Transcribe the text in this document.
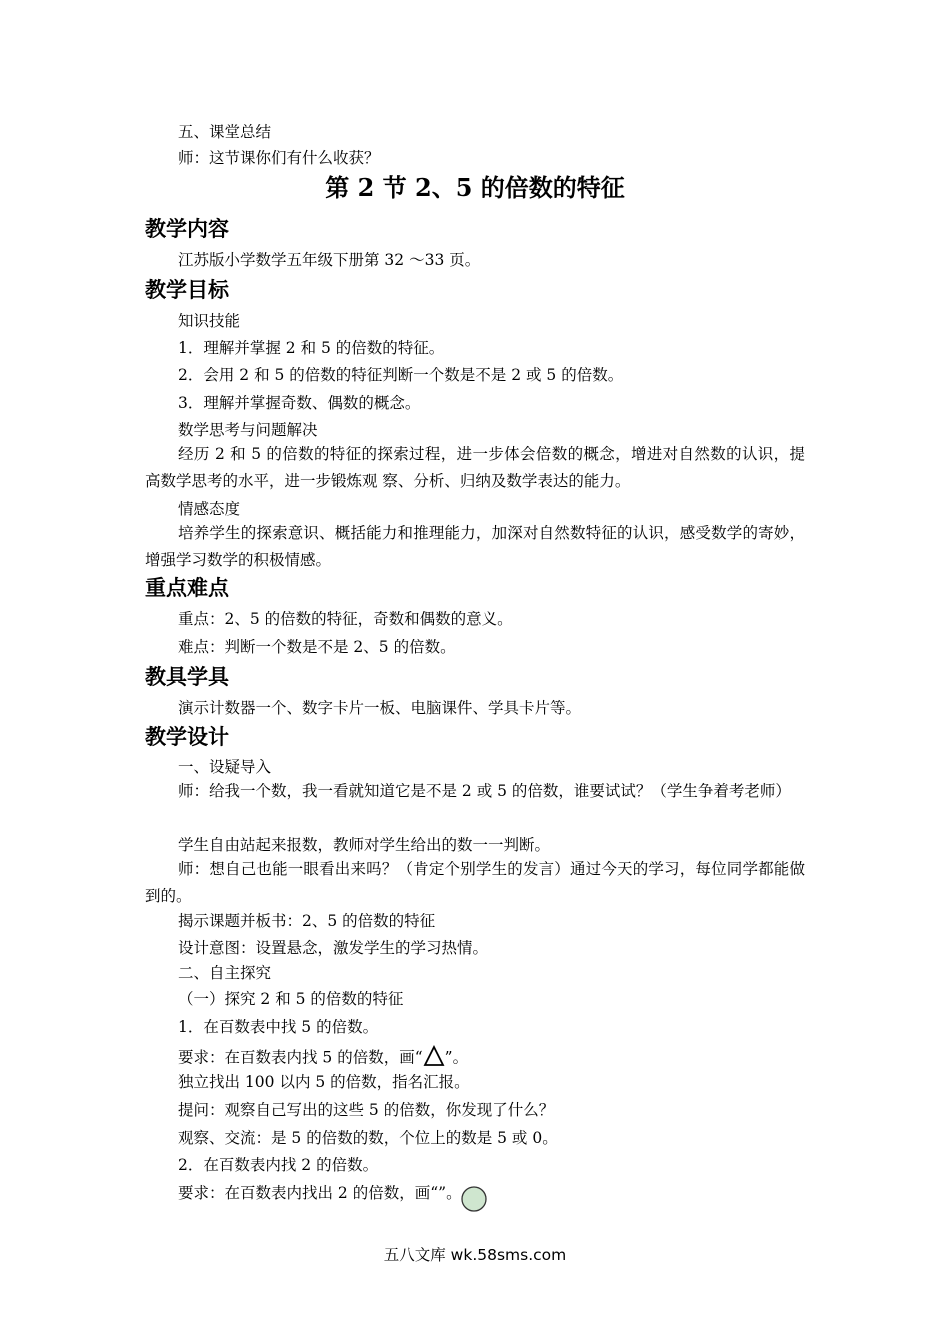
五、课堂总结
师：这节课你们有什么收获？
第 2 节 2、5 的倍数的特征
教学内容
江苏版小学数学五年级下册第 32 ～33 页。
教学目标
知识技能
1．理解并掌握 2 和 5 的倍数的特征。
2．会用 2 和 5 的倍数的特征判断一个数是不是 2 或 5 的倍数。
3．理解并掌握奇数、偶数的概念。
数学思考与问题解决
经历 2 和 5 的倍数的特征的探索过程，进一步体会倍数的概念，增进对自然数的认识，提高数学思考的水平，进一步锻炼观 察、分析、归纳及数学表达的能力。
情感态度
培养学生的探索意识、概括能力和推理能力，加深对自然数特征的认识，感受数学的寄妙，增强学习数学的积极情感。
重点难点
重点：2、5 的倍数的特征，奇数和偶数的意义。
难点：判断一个数是不是 2、5 的倍数。
教具学具
演示计数器一个、数字卡片一板、电脑课件、学具卡片等。
教学设计
一、设疑导入
师：给我一个数，我一看就知道它是不是 2 或 5 的倍数，谁要试试？（学生争着考老师）
学生自由站起来报数，教师对学生给出的数一一判断。
师：想自己也能一眼看出来吗？（肯定个别学生的发言）通过今天的学习，每位同学都能做到的。
揭示课题并板书：2、5 的倍数的特征
设计意图：设置悬念，激发学生的学习热情。
二、自主探究
（一）探究 2 和 5 的倍数的特征
1．在百数表中找 5 的倍数。
要求：在百数表内找 5 的倍数，画“ ”。
独立找出 100 以内 5 的倍数，指名汇报。
提问：观察自己写出的这些 5 的倍数，你发现了什么？
观察、交流：是 5 的倍数的数，个位上的数是 5 或 0。
2．在百数表内找 2 的倍数。
要求：在百数表内找出 2 的倍数，画“”。
五八文库 wk.58sms.com
